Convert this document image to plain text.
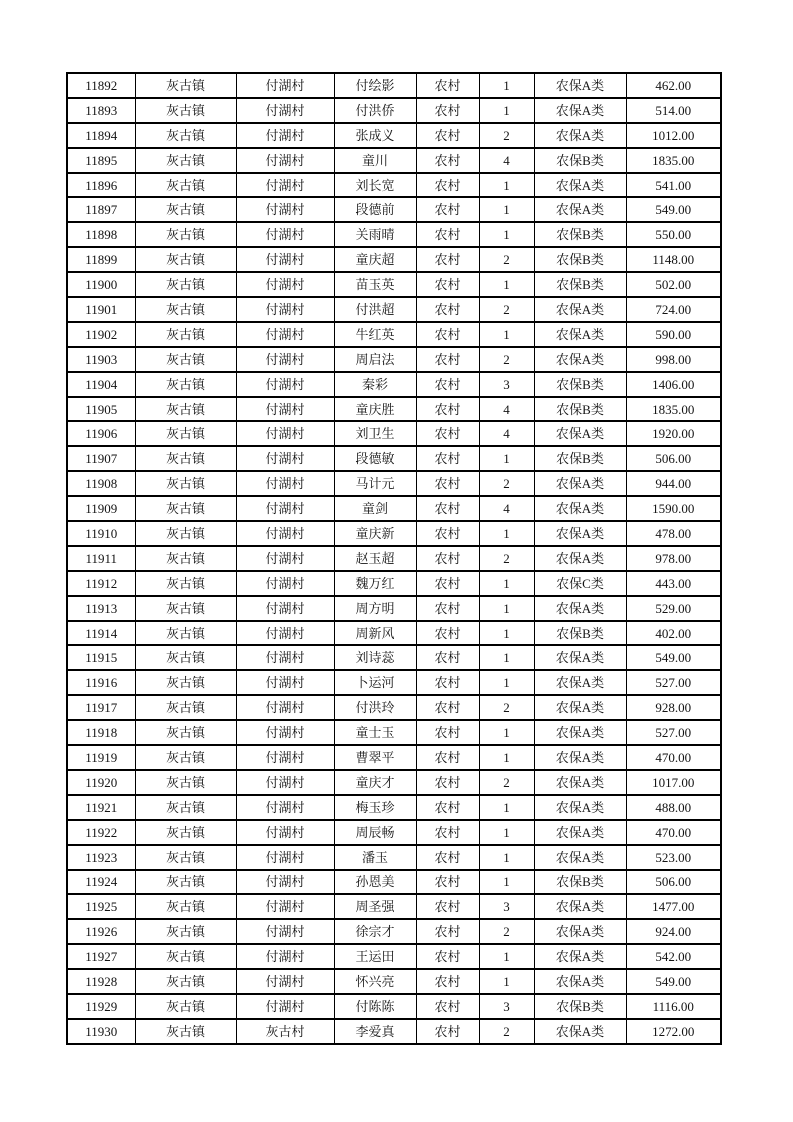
11892	灰古镇	付湖村	付绘影	农村	1	农保A类	462.00
11893	灰古镇	付湖村	付洪侨	农村	1	农保A类	514.00
11894	灰古镇	付湖村	张成义	农村	2	农保A类	1012.00
11895	灰古镇	付湖村	童川	农村	4	农保B类	1835.00
11896	灰古镇	付湖村	刘长宽	农村	1	农保A类	541.00
11897	灰古镇	付湖村	段德前	农村	1	农保A类	549.00
11898	灰古镇	付湖村	关雨晴	农村	1	农保B类	550.00
11899	灰古镇	付湖村	童庆超	农村	2	农保B类	1148.00
11900	灰古镇	付湖村	苗玉英	农村	1	农保B类	502.00
11901	灰古镇	付湖村	付洪超	农村	2	农保A类	724.00
11902	灰古镇	付湖村	牛红英	农村	1	农保A类	590.00
11903	灰古镇	付湖村	周启法	农村	2	农保A类	998.00
11904	灰古镇	付湖村	秦彩	农村	3	农保B类	1406.00
11905	灰古镇	付湖村	童庆胜	农村	4	农保B类	1835.00
11906	灰古镇	付湖村	刘卫生	农村	4	农保A类	1920.00
11907	灰古镇	付湖村	段德敏	农村	1	农保B类	506.00
11908	灰古镇	付湖村	马计元	农村	2	农保A类	944.00
11909	灰古镇	付湖村	童剑	农村	4	农保A类	1590.00
11910	灰古镇	付湖村	童庆新	农村	1	农保A类	478.00
11911	灰古镇	付湖村	赵玉超	农村	2	农保A类	978.00
11912	灰古镇	付湖村	魏万红	农村	1	农保C类	443.00
11913	灰古镇	付湖村	周方明	农村	1	农保A类	529.00
11914	灰古镇	付湖村	周新风	农村	1	农保B类	402.00
11915	灰古镇	付湖村	刘诗蕊	农村	1	农保A类	549.00
11916	灰古镇	付湖村	卜运河	农村	1	农保A类	527.00
11917	灰古镇	付湖村	付洪玲	农村	2	农保A类	928.00
11918	灰古镇	付湖村	童士玉	农村	1	农保A类	527.00
11919	灰古镇	付湖村	曹翠平	农村	1	农保A类	470.00
11920	灰古镇	付湖村	童庆才	农村	2	农保A类	1017.00
11921	灰古镇	付湖村	梅玉珍	农村	1	农保A类	488.00
11922	灰古镇	付湖村	周辰畅	农村	1	农保A类	470.00
11923	灰古镇	付湖村	潘玉	农村	1	农保A类	523.00
11924	灰古镇	付湖村	孙恩美	农村	1	农保B类	506.00
11925	灰古镇	付湖村	周圣强	农村	3	农保A类	1477.00
11926	灰古镇	付湖村	徐宗才	农村	2	农保A类	924.00
11927	灰古镇	付湖村	王运田	农村	1	农保A类	542.00
11928	灰古镇	付湖村	怀兴亮	农村	1	农保A类	549.00
11929	灰古镇	付湖村	付陈陈	农村	3	农保B类	1116.00
11930	灰古镇	灰古村	李爱真	农村	2	农保A类	1272.00
